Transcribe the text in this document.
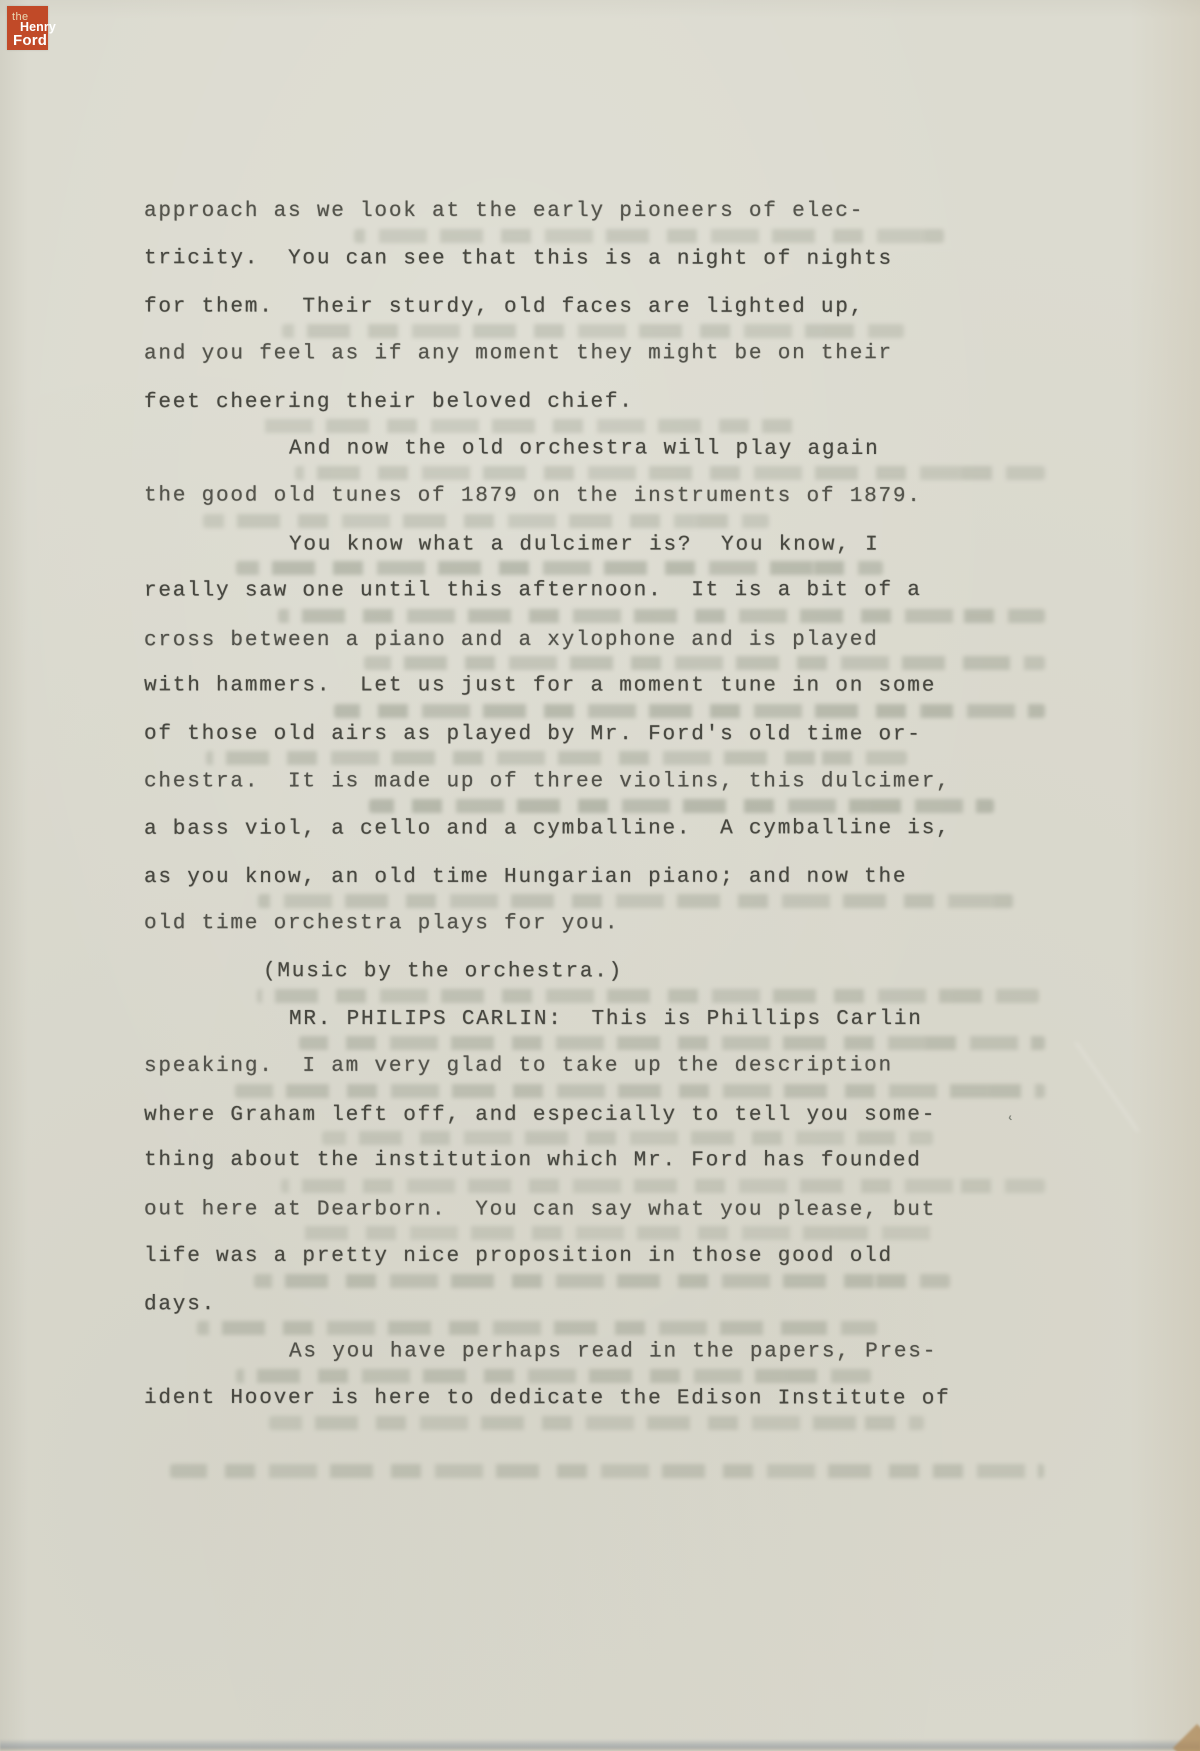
approach as we look at the early pioneers of elec-
tricity.  You can see that this is a night of nights
for them.  Their sturdy, old faces are lighted up,
and you feel as if any moment they might be on their
feet cheering their beloved chief.
And now the old orchestra will play again
the good old tunes of 1879 on the instruments of 1879.
You know what a dulcimer is?  You know, I
really saw one until this afternoon.  It is a bit of a
cross between a piano and a xylophone and is played
with hammers.  Let us just for a moment tune in on some
of those old airs as played by Mr. Ford's old time or-
chestra.  It is made up of three violins, this dulcimer,
a bass viol, a cello and a cymballine.  A cymballine is,
as you know, an old time Hungarian piano; and now the
old time orchestra plays for you.
(Music by the orchestra.)
MR. PHILIPS CARLIN:  This is Phillips Carlin
speaking.  I am very glad to take up the description
where Graham left off, and especially to tell you some-
thing about the institution which Mr. Ford has founded
out here at Dearborn.  You can say what you please, but
life was a pretty nice proposition in those good old
days.
As you have perhaps read in the papers, Pres-
ident Hoover is here to dedicate the Edison Institute of
the
Henry
Ford
‹
